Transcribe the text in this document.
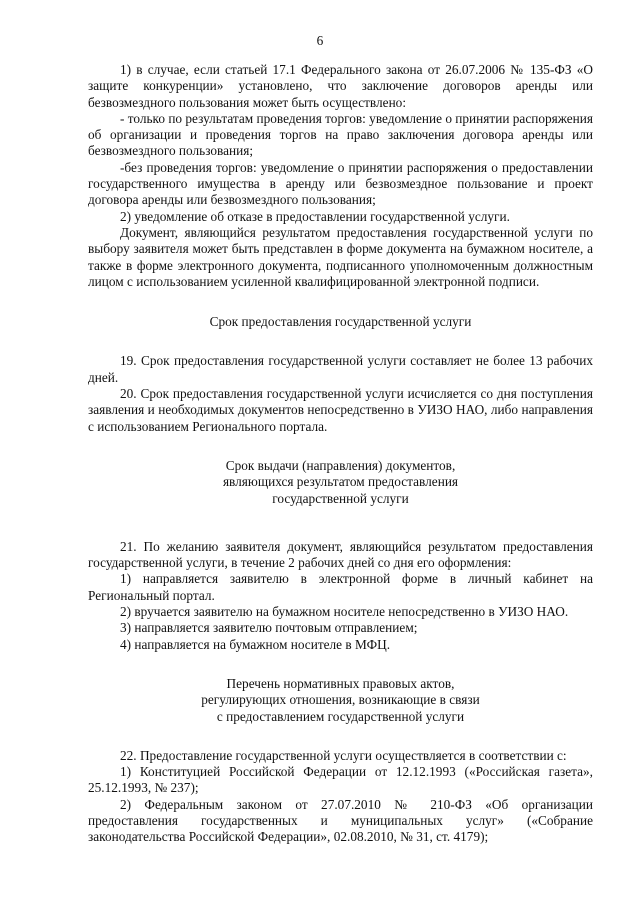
6

1) в случае, если статьей 17.1 Федерального закона от 26.07.2006 № 135-ФЗ «О защите конкуренции» установлено, что заключение договоров аренды или безвозмездного пользования может быть осуществлено:

- только по результатам проведения торгов: уведомление о принятии распоряжения об организации и проведения торгов на право заключения договора аренды или безвозмездного пользования;

-без проведения торгов: уведомление о принятии распоряжения о предоставлении государственного имущества в аренду или безвозмездное пользование и проект договора аренды или безвозмездного пользования;

2) уведомление об отказе в предоставлении государственной услуги.

Документ, являющийся результатом предоставления государственной услуги по выбору заявителя может быть представлен в форме документа на бумажном носителе, а также в форме электронного документа, подписанного уполномоченным должностным лицом с использованием усиленной квалифицированной электронной подписи.

Срок предоставления государственной услуги

19. Срок предоставления государственной услуги составляет не более 13 рабочих дней.

20. Срок предоставления государственной услуги исчисляется со дня поступления заявления и необходимых документов непосредственно в УИЗО НАО, либо направления с использованием Регионального портала.

Срок выдачи (направления) документов,

являющихся результатом предоставления

государственной услуги

21. По желанию заявителя документ, являющийся результатом предоставления государственной услуги, в течение 2 рабочих дней со дня его оформления:

1) направляется заявителю в электронной форме в личный кабинет на Региональный портал.

2) вручается заявителю на бумажном носителе непосредственно в УИЗО НАО.

3) направляется заявителю почтовым отправлением;

4) направляется на бумажном носителе в МФЦ.

Перечень нормативных правовых актов,

регулирующих отношения, возникающие в связи

с предоставлением государственной услуги

22. Предоставление государственной услуги осуществляется в соответствии с:

1) Конституцией Российской Федерации от 12.12.1993 («Российская газета», 25.12.1993, № 237);

2) Федеральным законом от 27.07.2010 № 210-ФЗ «Об организации предоставления государственных и муниципальных услуг» («Собрание законодательства Российской Федерации», 02.08.2010, № 31, ст. 4179);
